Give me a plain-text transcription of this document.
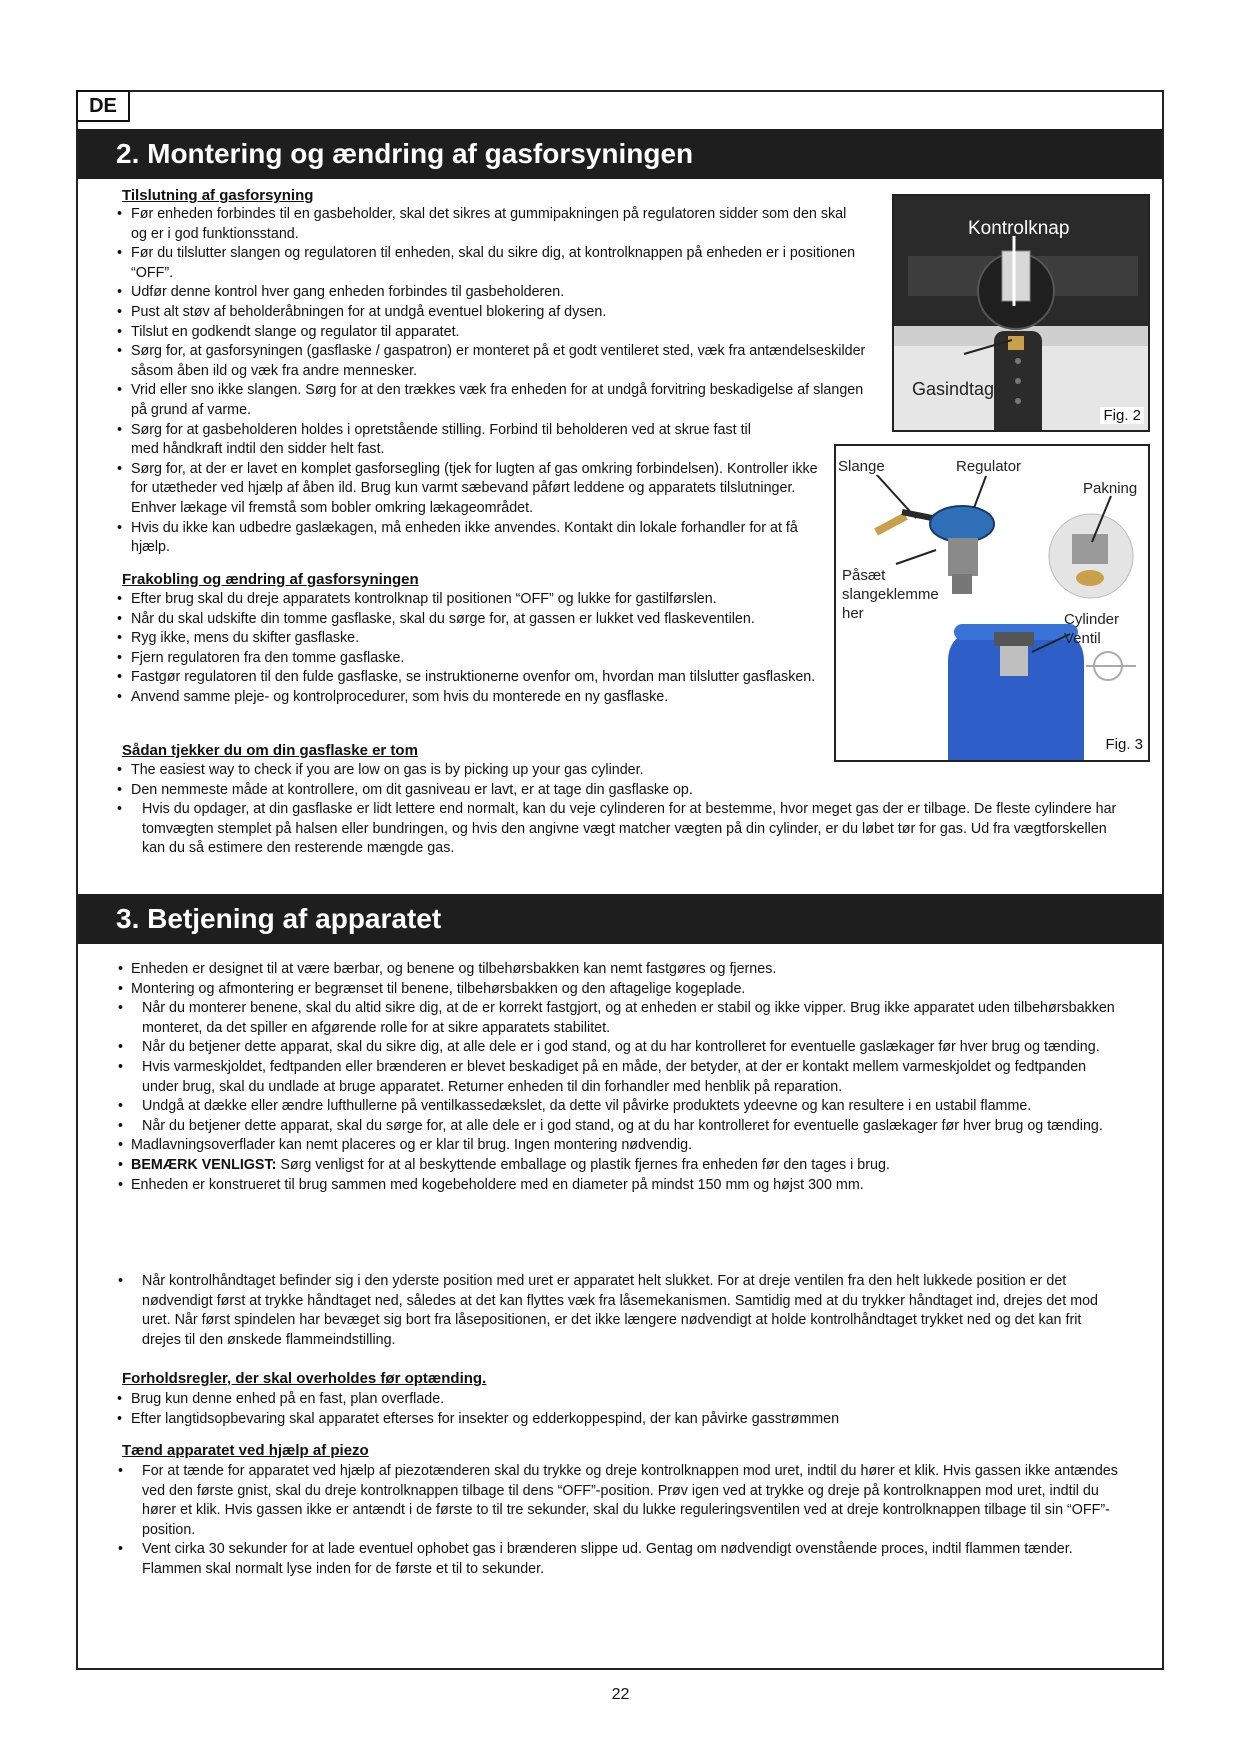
DE
2. Montering og ændring af gasforsyningen
Tilslutning af gasforsyning
• Før enheden forbindes til en gasbeholder, skal det sikres at gummipakningen på regulatoren sidder som den skal og er i god funktionsstand.
• Før du tilslutter slangen og regulatoren til enheden, skal du sikre dig, at kontrolknappen på enheden er i positionen “OFF”.
• Udfør denne kontrol hver gang enheden forbindes til gasbeholderen.
• Pust alt støv af beholderåbningen for at undgå eventuel blokering af dysen.
• Tilslut en godkendt slange og regulator til apparatet.
• Sørg for, at gasforsyningen (gasflaske / gaspatron) er monteret på et godt ventileret sted, væk fra antændelseskilder såsom åben ild og væk fra andre mennesker.
• Vrid eller sno ikke slangen. Sørg for at den trækkes væk fra enheden for at undgå forvitring beskadigelse af slangen på grund af varme.
• Sørg for at gasbeholderen holdes i opretstående stilling. Forbind til beholderen ved at skrue fast til med håndkraft indtil den sidder helt fast.
• Sørg for, at der er lavet en komplet gasforsegling (tjek for lugten af gas omkring forbindelsen). Kontroller ikke for utætheder ved hjælp af åben ild. Brug kun varmt sæbevand påført leddene og apparatets tilslutninger. Enhver lækage vil fremstå som bobler omkring lækageområdet.
• Hvis du ikke kan udbedre gaslækagen, må enheden ikke anvendes. Kontakt din lokale forhandler for at få hjælp.
Frakobling og ændring af gasforsyningen
• Efter brug skal du dreje apparatets kontrolknap til positionen “OFF” og lukke for gastilførslen.
• Når du skal udskifte din tomme gasflaske, skal du sørge for, at gassen er lukket ved flaskeventilen.
• Ryg ikke, mens du skifter gasflaske.
• Fjern regulatoren fra den tomme gasflaske.
• Fastgør regulatoren til den fulde gasflaske, se instruktionerne ovenfor om, hvordan man tilslutter gasflasken.
• Anvend samme pleje- og kontrolprocedurer, som hvis du monterede en ny gasflaske.
Sådan tjekker du om din gasflaske er tom
• The easiest way to check if you are low on gas is by picking up your gas cylinder.
• Den nemmeste måde at kontrollere, om dit gasniveau er lavt, er at tage din gasflaske op.
• Hvis du opdager, at din gasflaske er lidt lettere end normalt, kan du veje cylinderen for at bestemme, hvor meget gas der er tilbage. De fleste cylindere har tomvægten stemplet på halsen eller bundringen, og hvis den angivne vægt matcher vægten på din cylinder, er du løbet tør for gas. Ud fra vægtforskellen kan du så estimere den resterende mængde gas.
Kontrolknap
Gasindtag
Fig. 2
Slange	Regulator
Pakning
Påsæt
slangeklemme
her	Cylinder
Ventil
Fig. 3
3. Betjening af apparatet
• Enheden er designet til at være bærbar, og benene og tilbehørsbakken kan nemt fastgøres og fjernes.
• Montering og afmontering er begrænset til benene, tilbehørsbakken og den aftagelige kogeplade.
• Når du monterer benene, skal du altid sikre dig, at de er korrekt fastgjort, og at enheden er stabil og ikke vipper. Brug ikke apparatet uden tilbehørsbakken monteret, da det spiller en afgørende rolle for at sikre apparatets stabilitet.
• Når du betjener dette apparat, skal du sikre dig, at alle dele er i god stand, og at du har kontrolleret for eventuelle gaslækager før hver brug og tænding.
• Hvis varmeskjoldet, fedtpanden eller brænderen er blevet beskadiget på en måde, der betyder, at der er kontakt mellem varmeskjoldet og fedtpanden under brug, skal du undlade at bruge apparatet. Returner enheden til din forhandler med henblik på reparation.
• Undgå at dække eller ændre lufthullerne på ventilkassedækslet, da dette vil påvirke produktets ydeevne og kan resultere i en ustabil flamme.
• Når du betjener dette apparat, skal du sørge for, at alle dele er i god stand, og at du har kontrolleret for eventuelle gaslækager før hver brug og tænding.
• Madlavningsoverflader kan nemt placeres og er klar til brug. Ingen montering nødvendig.
• BEMÆRK VENLIGST: Sørg venligst for at al beskyttende emballage og plastik fjernes fra enheden før den tages i brug.
• Enheden er konstrueret til brug sammen med kogebeholdere med en diameter på mindst 150 mm og højst 300 mm.
• Når kontrolhåndtaget befinder sig i den yderste position med uret er apparatet helt slukket. For at dreje ventilen fra den helt lukkede position er det nødvendigt først at trykke håndtaget ned, således at det kan flyttes væk fra låsemekanismen. Samtidig med at du trykker håndtaget ind, drejes det mod uret. Når først spindelen har bevæget sig bort fra låsepositionen, er det ikke længere nødvendigt at holde kontrolhåndtaget trykket ned og det kan frit drejes til den ønskede flammeindstilling.
Forholdsregler, der skal overholdes før optænding.
• Brug kun denne enhed på en fast, plan overflade.
• Efter langtidsopbevaring skal apparatet efterses for insekter og edderkoppespind, der kan påvirke gasstrømmen
Tænd apparatet ved hjælp af piezo
• For at tænde for apparatet ved hjælp af piezotænderen skal du trykke og dreje kontrolknappen mod uret, indtil du hører et klik. Hvis gassen ikke antændes ved den første gnist, skal du dreje kontrolknappen tilbage til dens “OFF”-position. Prøv igen ved at trykke og dreje på kontrolknappen mod uret, indtil du hører et klik. Hvis gassen ikke er antændt i de første to til tre sekunder, skal du lukke reguleringsventilen ved at dreje kontrolknappen tilbage til sin “OFF”-position.
• Vent cirka 30 sekunder for at lade eventuel ophobet gas i brænderen slippe ud. Gentag om nødvendigt ovenstående proces, indtil flammen tænder. Flammen skal normalt lyse inden for de første et til to sekunder.
22
